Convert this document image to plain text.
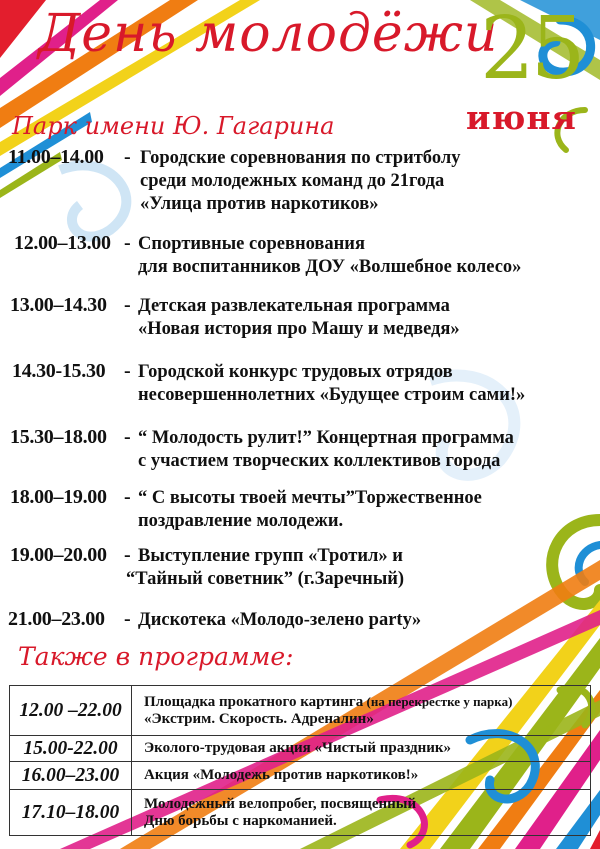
День молодёжи
25
июня
Парк имени Ю. Гагарина
11.00–14.00 - Городские соревнования по стритболу
среди молодежных команд до 21года
«Улица против наркотиков»
12.00–13.00 - Спортивные соревнования
для воспитанников ДОУ «Волшебное колесо»
13.00–14.30 - Детская развлекательная программа
«Новая история про Машу и медведя»
14.30-15.30 - Городской конкурс трудовых отрядов
несовершеннолетних «Будущее строим сами!»
15.30–18.00 - “ Молодость рулит!” Концертная программа
с участием творческих коллективов города
18.00–19.00 - “ С высоты твоей мечты”Торжественное
поздравление молодежи.
19.00–20.00 - Выступление групп «Тротил» и
“Тайный советник” (г.Заречный)
21.00–23.00 - Дискотека «Молодо-зелено party»
Также в программе:
12.00 –22.00	Площадка прокатного картинга (на перекрестке у парка)
«Экстрим. Скорость. Адреналин»

15.00-22.00	Эколого-трудовая акция «Чистый праздник»

16.00–23.00	Акция «Молодежь против наркотиков!»

17.10–18.00	Молодежный велопробег, посвященный
Дню борьбы с наркоманией.
